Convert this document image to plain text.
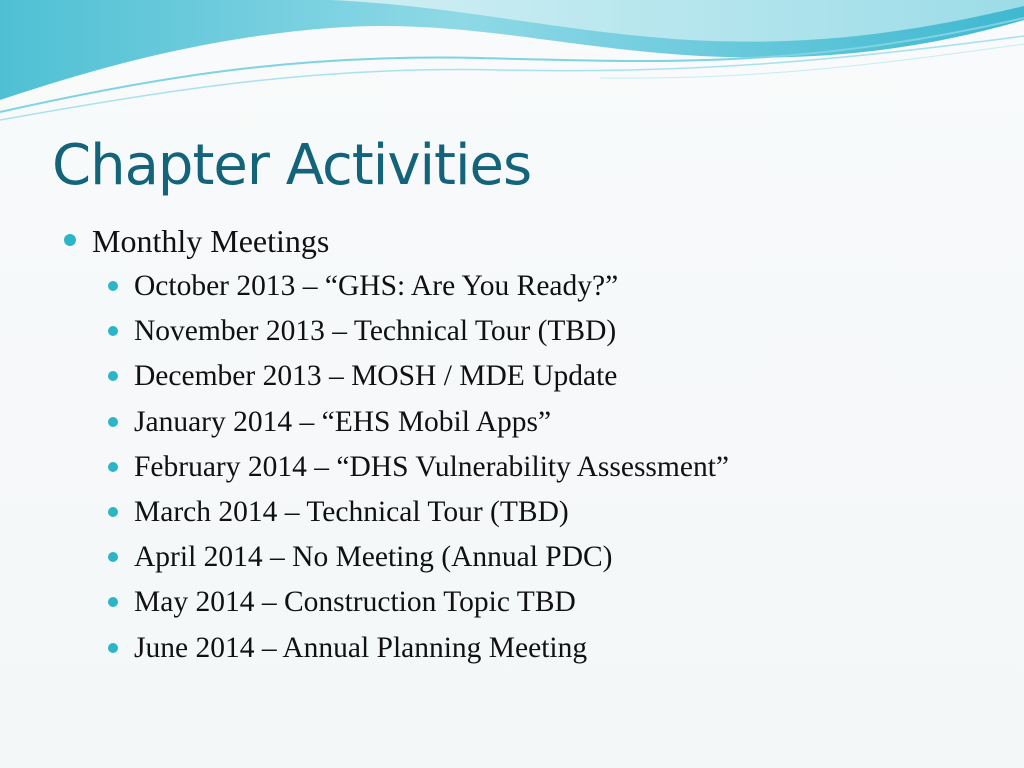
Chapter Activities
Monthly Meetings
October 2013 – “GHS: Are You Ready?”
November 2013 – Technical Tour (TBD)
December 2013 – MOSH / MDE Update
January 2014 – “EHS Mobil Apps”
February 2014 – “DHS Vulnerability Assessment”
March 2014 – Technical Tour (TBD)
April 2014 – No Meeting (Annual PDC)
May 2014 – Construction Topic TBD
June 2014 – Annual Planning Meeting
